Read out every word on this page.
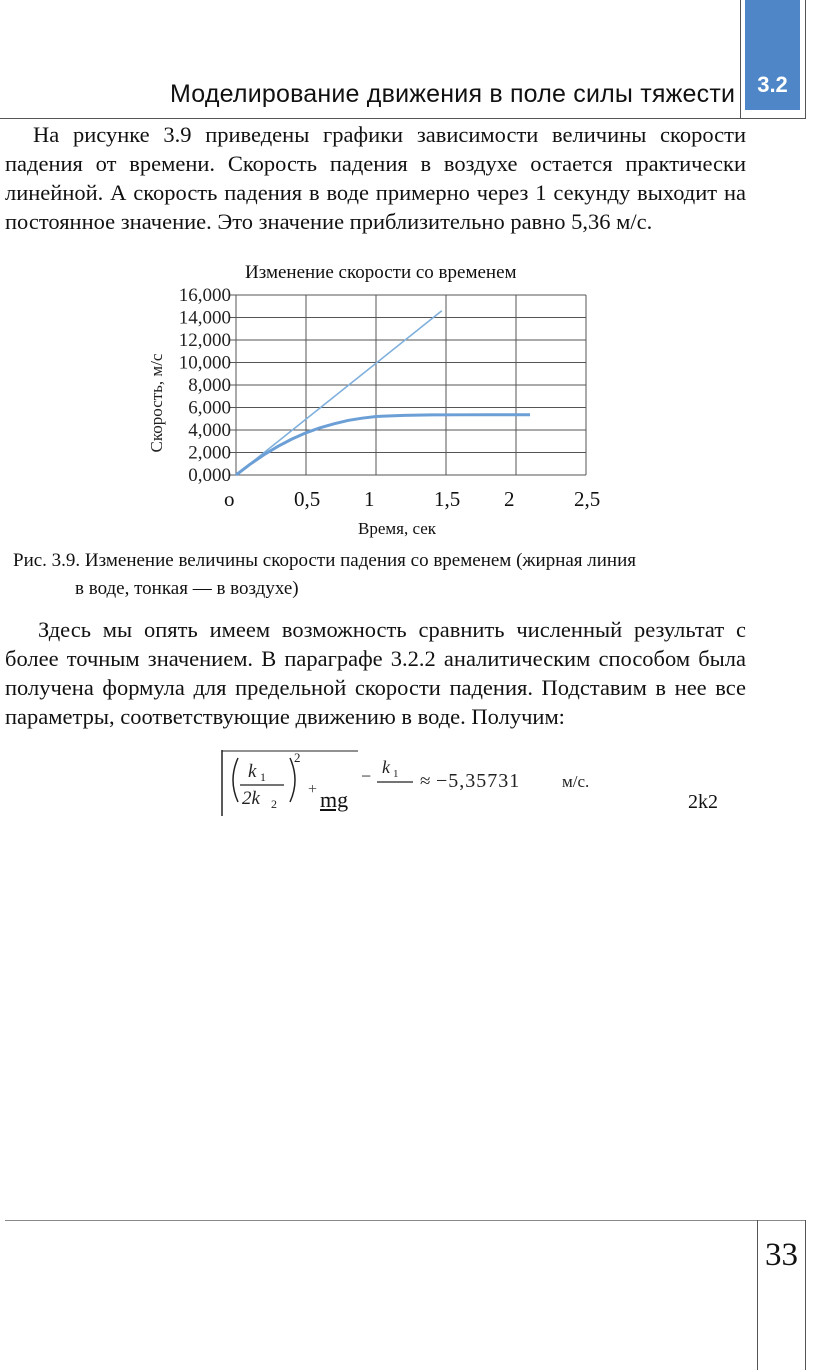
Моделирование движения в поле силы тяжести	3.2
На рисунке 3.9 приведены графики зависимости величины скорости падения от времени. Скорость падения в воздухе остается практически линейной. А скорость падения в воде примерно через 1 секунду выходит на постоянное значение. Это значение приблизительно равно 5,36 м/с.
Изменение скорости со временем
0,000
2,000
4,000
6,000
8,000
10,000
12,000
14,000
16,000
Скорость, м/с
o	0,5 1	1,5 2	2,5
Время, сек
Рис. 3.9. Изменение величины скорости падения со временем (жирная линия
в воде, тонкая — в воздухе)
Здесь мы опять имеем возможность сравнить численный результат с более точным значением. В параграфе 3.2.2 аналитическим способом была получена формула для предельной скорости падения. Подставим в нее все параметры, соответствующие движению в воде. Получим:
k 1
2k 2
2
+
− k 1 ≈ −5,35731 м/с.
mg	2k2
33
